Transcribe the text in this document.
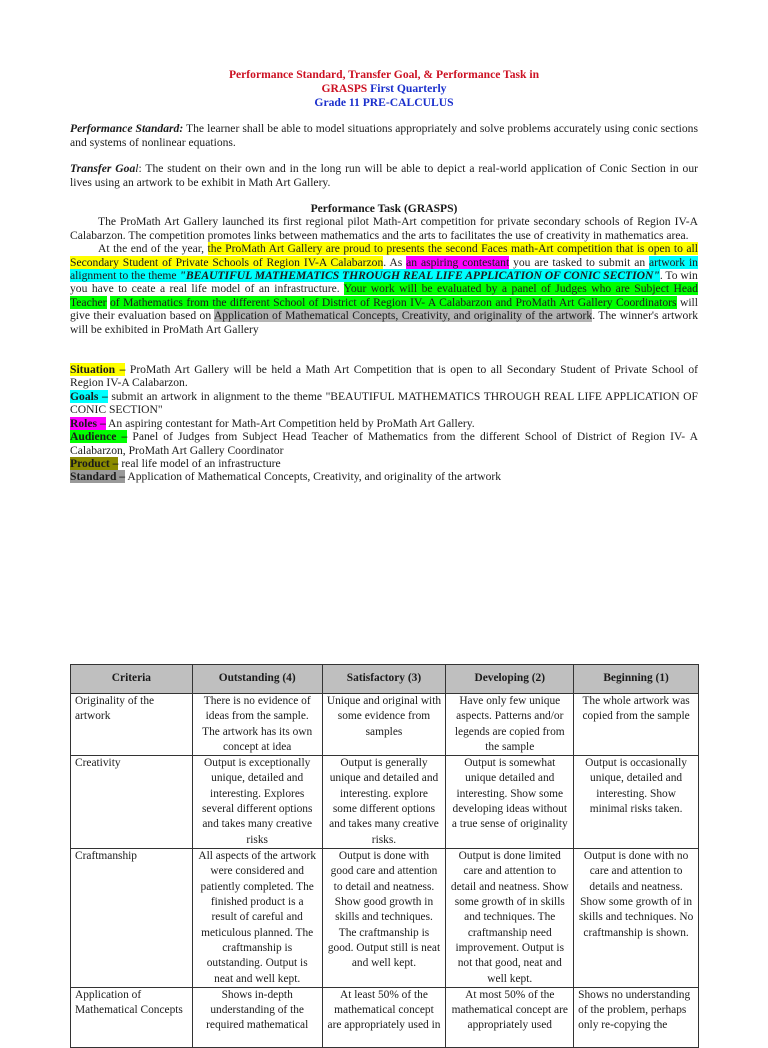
Performance Standard, Transfer Goal, & Performance Task in
GRASPS First Quarterly
Grade 11 PRE-CALCULUS

Performance Standard: The learner shall be able to model situations appropriately and solve problems accurately using conic sections and systems of nonlinear equations.

Transfer Goal: The student on their own and in the long run will be able to depict a real-world application of Conic Section in our lives using an artwork to be exhibit in Math Art Gallery.

Performance Task (GRASPS)

The ProMath Art Gallery launched its first regional pilot Math-Art competition for private secondary schools of Region IV-A Calabarzon. The competition promotes links between mathematics and the arts to facilitates the use of creativity in mathematics area.

At the end of the year, the ProMath Art Gallery are proud to presents the second Faces math-Art competition that is open to all Secondary Student of Private Schools of Region IV-A Calabarzon. As an aspiring contestant you are tasked to submit an artwork in alignment to the theme "BEAUTIFUL MATHEMATICS THROUGH REAL LIFE APPLICATION OF CONIC SECTION". To win

you have to ceate a real life model of an infrastructure. Your work will be evaluated by a panel of Judges who are Subject Head Teacher of Mathematics from the different School of District of Region IV- A Calabarzon and ProMath Art Gallery Coordinators will give their evaluation based on Application of Mathematical Concepts, Creativity, and originality of the artwork. The winner's artwork will be exhibited in ProMath Art Gallery

Situation – ProMath Art Gallery will be held a Math Art Competition that is open to all Secondary Student of Private School of Region IV-A Calabarzon.

Goals – submit an artwork in alignment to the theme "BEAUTIFUL MATHEMATICS THROUGH REAL LIFE APPLICATION OF CONIC SECTION"

Roles – An aspiring contestant for Math-Art Competition held by ProMath Art Gallery.

Audience – Panel of Judges from Subject Head Teacher of Mathematics from the different School of District of Region IV- A Calabarzon, ProMath Art Gallery Coordinator

Product – real life model of an infrastructure

Standard – Application of Mathematical Concepts, Creativity, and originality of the artwork

Criteria	Outstanding (4)	Satisfactory (3)	Developing (2)	Beginning (1)
Originality of the artwork	There is no evidence of ideas from the sample. The artwork has its own concept at idea	Unique and original with some evidence from samples	Have only few unique aspects. Patterns and/or legends are copied from the sample	The whole artwork was copied from the sample
Creativity	Output is exceptionally unique, detailed and interesting. Explores several different options and takes many creative risks	Output is generally unique and detailed and interesting. explore some different options and takes many creative risks.	Output is somewhat unique detailed and interesting. Show some developing ideas without a true sense of originality	Output is occasionally unique, detailed and interesting. Show minimal risks taken.
Craftmanship	All aspects of the artwork were considered and patiently completed. The finished product is a result of careful and meticulous planned. The craftmanship is outstanding. Output is neat and well kept.	Output is done with good care and attention to detail and neatness. Show good growth in skills and techniques. The craftmanship is good. Output still is neat and well kept.	Output is done limited care and attention to detail and neatness. Show some growth of in skills and techniques. The craftmanship need improvement. Output is not that good, neat and well kept.	Output is done with no care and attention to details and neatness. Show some growth of in skills and techniques. No craftmanship is shown.
Application of Mathematical Concepts	Shows in-depth understanding of the required mathematical	At least 50% of the mathematical concept are appropriately used in	At most 50% of the mathematical concept are appropriately used	Shows no understanding of the problem, perhaps only re-copying the
